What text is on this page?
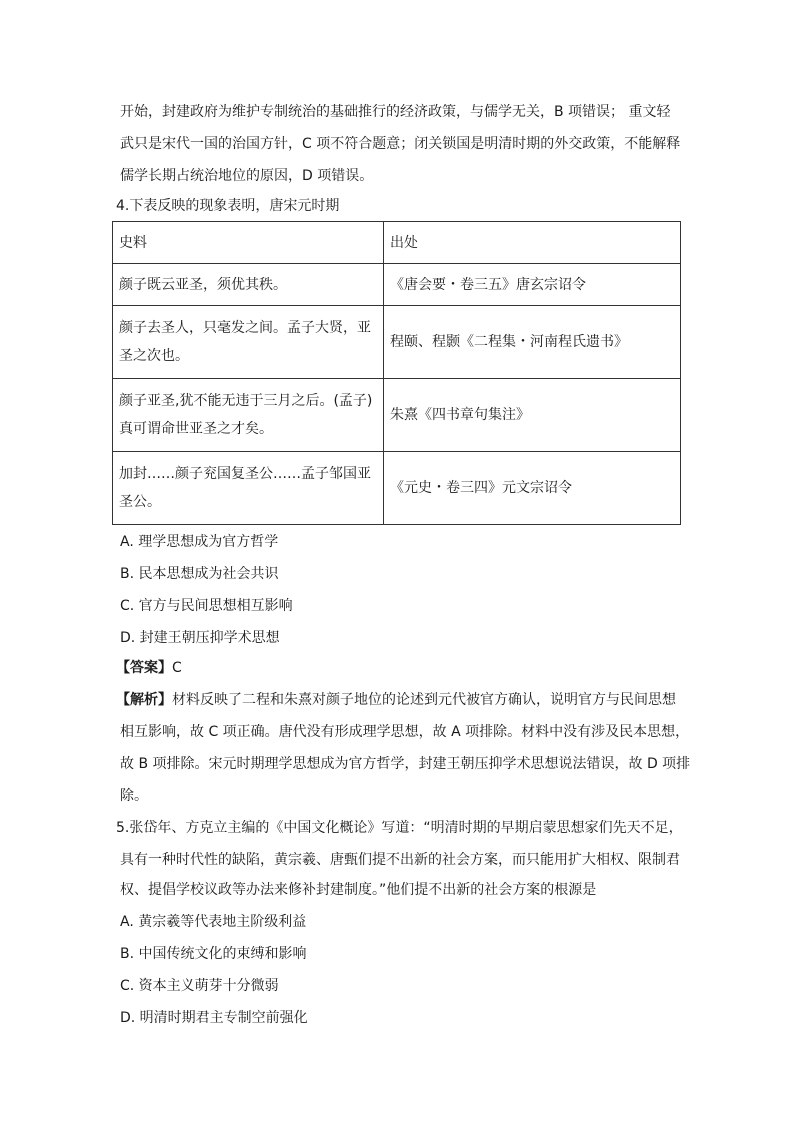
开始，封建政府为维护专制统治的基础推行的经济政策，与儒学无关，B 项错误； 重文轻
武只是宋代一国的治国方针，C 项不符合题意；闭关锁国是明清时期的外交政策，不能解释
儒学长期占统治地位的原因，D 项错误。
4.下表反映的现象表明，唐宋元时期
史料	出处
颜子既云亚圣，须优其秩。	《唐会要・卷三五》唐玄宗诏令
颜子去圣人，只毫发之间。孟子大贤，亚圣之次也。	程颐、程颢《二程集・河南程氏遗书》
颜子亚圣,犹不能无违于三月之后。(孟子)真可谓命世亚圣之才矣。	朱熹《四书章句集注》
加封……颜子兖国复圣公……孟子邹国亚圣公。	《元史・卷三四》元文宗诏令
A. 理学思想成为官方哲学
B. 民本思想成为社会共识
C. 官方与民间思想相互影响
D. 封建王朝压抑学术思想
【答案】C
【解析】材料反映了二程和朱熹对颜子地位的论述到元代被官方确认，说明官方与民间思想
相互影响，故 C 项正确。唐代没有形成理学思想，故 A 项排除。材料中没有涉及民本思想，
故 B 项排除。宋元时期理学思想成为官方哲学，封建王朝压抑学术思想说法错误，故 D 项排
除。
5.张岱年、方克立主编的《中国文化概论》写道：“明清时期的早期启蒙思想家们先天不足，
具有一种时代性的缺陷，黄宗羲、唐甄们提不出新的社会方案，而只能用扩大相权、限制君
权、提倡学校议政等办法来修补封建制度。”他们提不出新的社会方案的根源是
A. 黄宗羲等代表地主阶级利益
B. 中国传统文化的束缚和影响
C. 资本主义萌芽十分微弱
D. 明清时期君主专制空前强化
